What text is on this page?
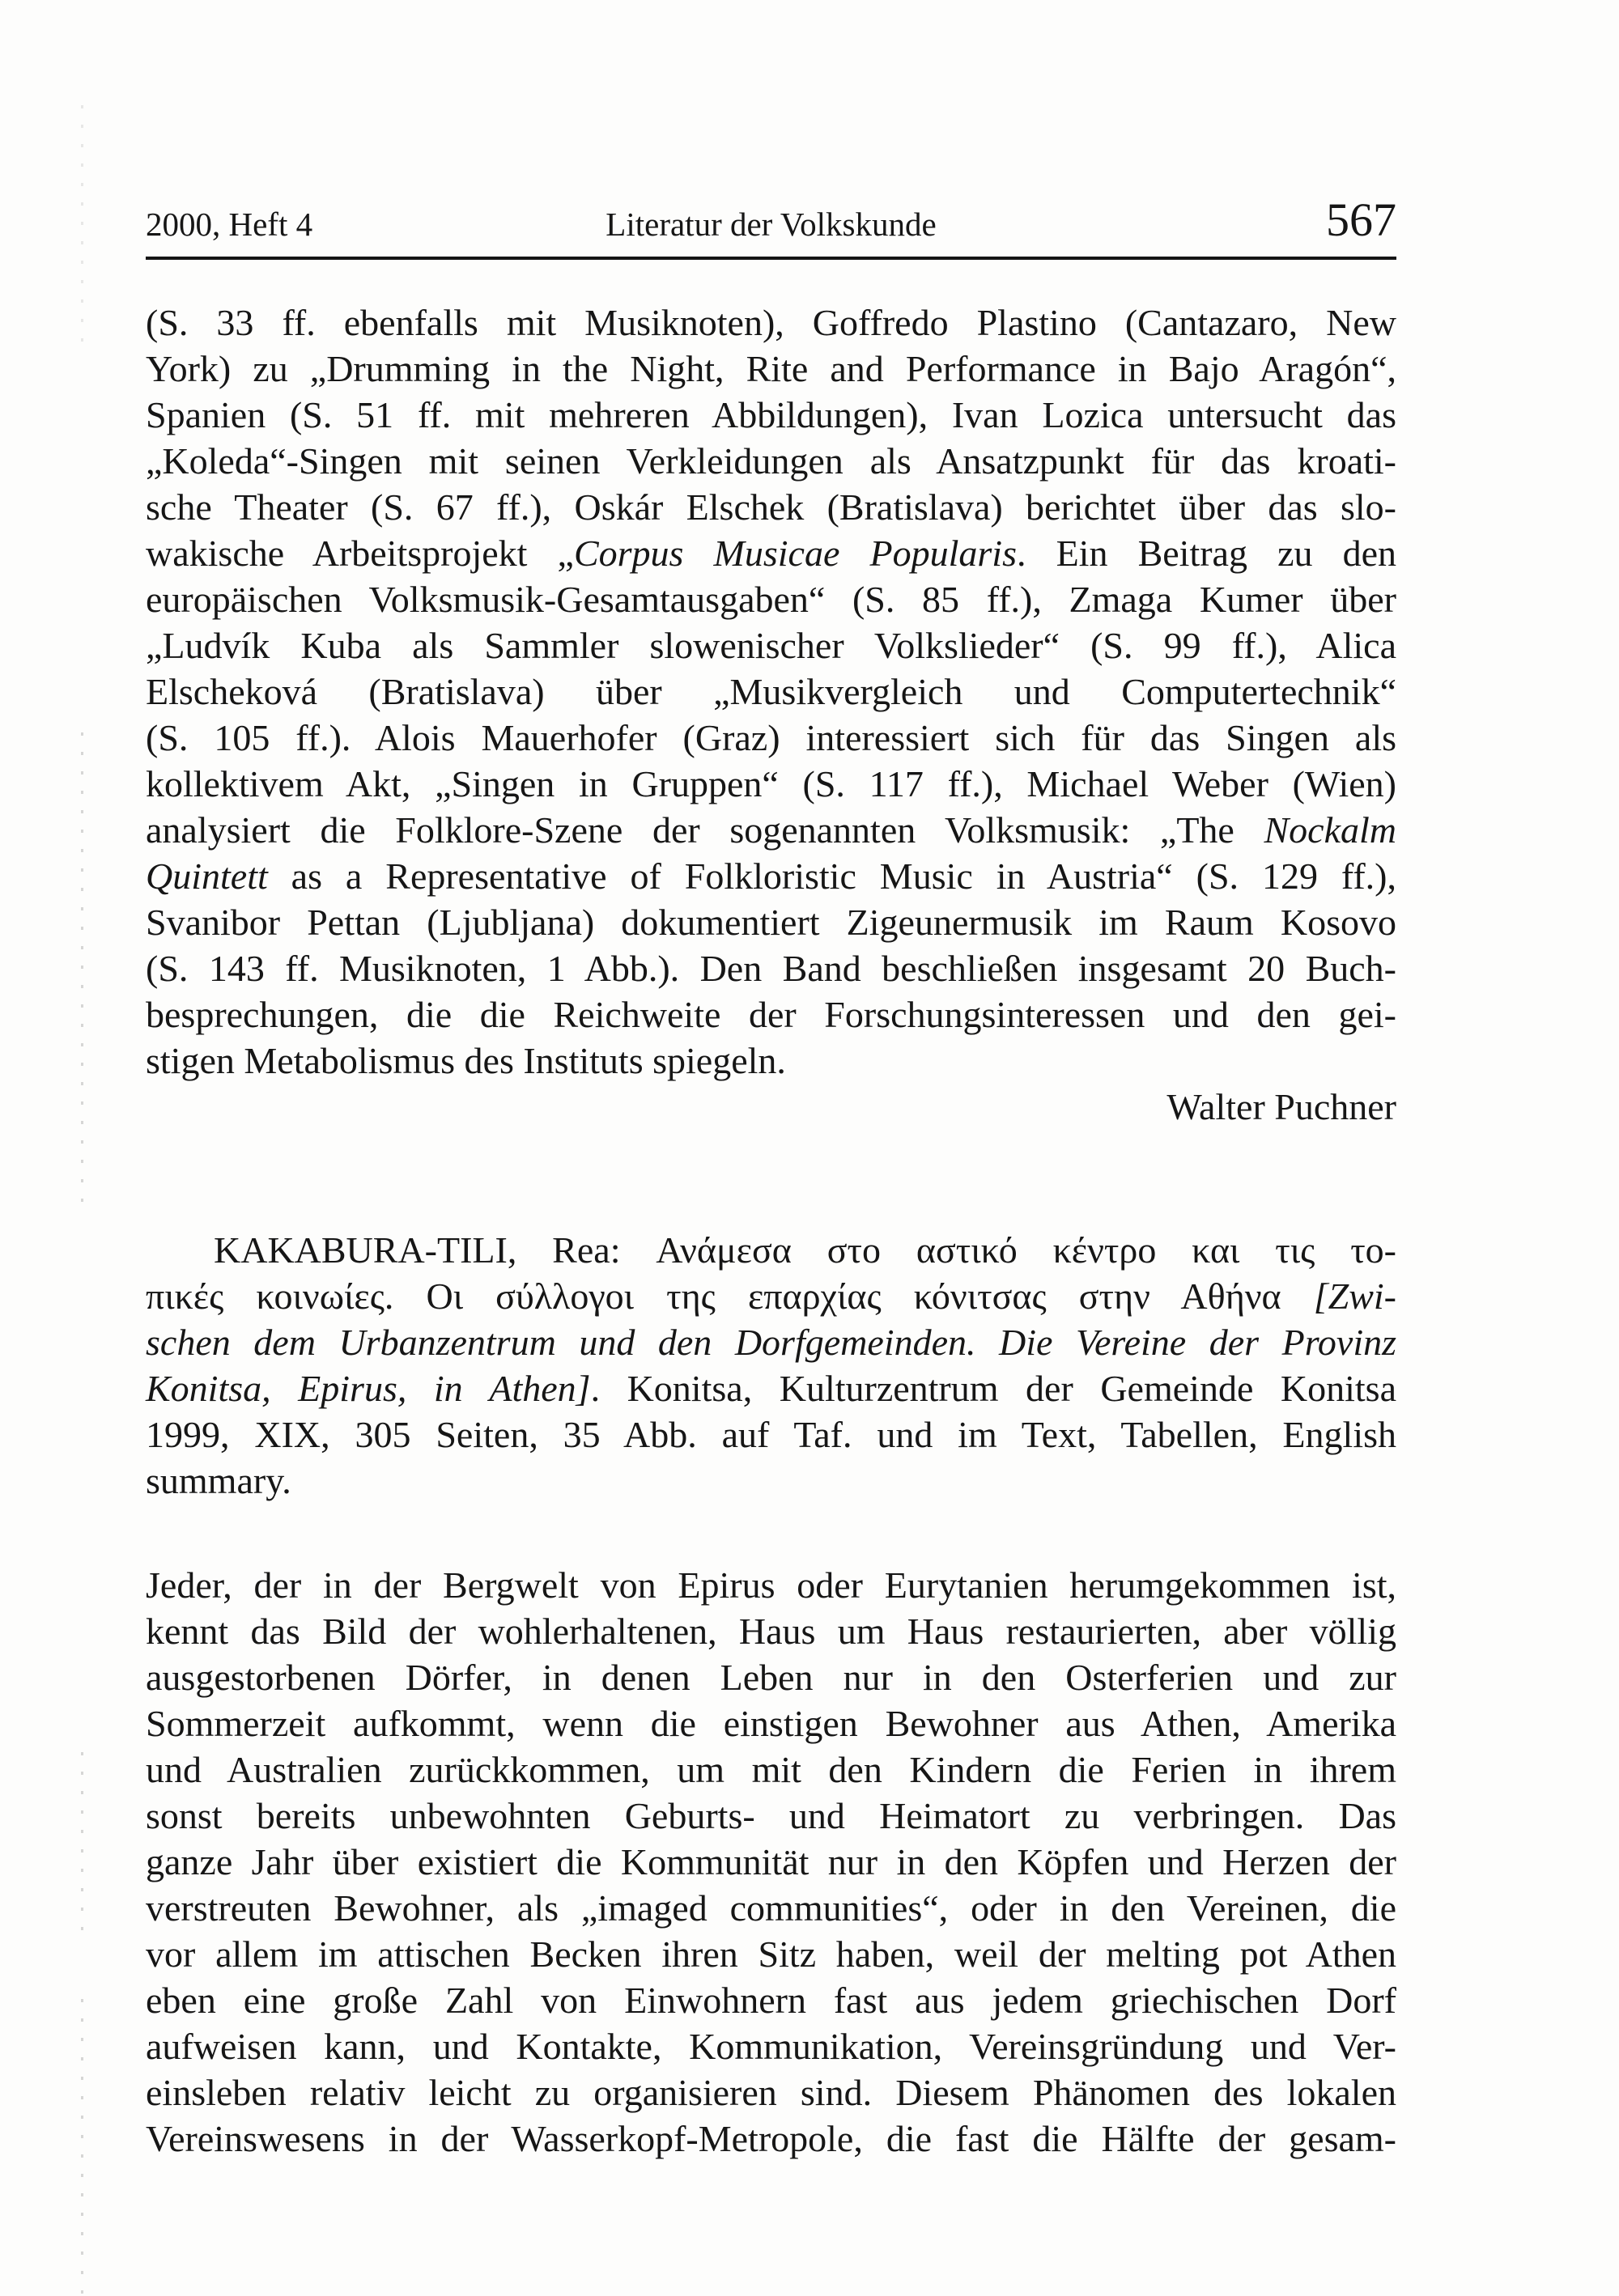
2000, Heft 4	Literatur der Volkskunde	567
(S. 33 ff. ebenfalls mit Musiknoten), Goffredo Plastino (Cantazaro, New
York) zu „Drumming in the Night, Rite and Performance in Bajo Aragón“,
Spanien (S. 51 ff. mit mehreren Abbildungen), Ivan Lozica untersucht das
„Koleda“-Singen mit seinen Verkleidungen als Ansatzpunkt für das kroati-
sche Theater (S. 67 ff.), Oskár Elschek (Bratislava) berichtet über das slo-
wakische Arbeitsprojekt „Corpus Musicae Popularis. Ein Beitrag zu den
europäischen Volksmusik-Gesamtausgaben“ (S. 85 ff.), Zmaga Kumer über
„Ludvík Kuba als Sammler slowenischer Volkslieder“ (S. 99 ff.), Alica
Elscheková (Bratislava) über „Musikvergleich und Computertechnik“
(S. 105 ff.). Alois Mauerhofer (Graz) interessiert sich für das Singen als
kollektivem Akt, „Singen in Gruppen“ (S. 117 ff.), Michael Weber (Wien)
analysiert die Folklore-Szene der sogenannten Volksmusik: „The Nockalm
Quintett as a Representative of Folkloristic Music in Austria“ (S. 129 ff.),
Svanibor Pettan (Ljubljana) dokumentiert Zigeunermusik im Raum Kosovo
(S. 143 ff. Musiknoten, 1 Abb.). Den Band beschließen insgesamt 20 Buch-
besprechungen, die die Reichweite der Forschungsinteressen und den gei-
stigen Metabolismus des Instituts spiegeln.
Walter Puchner
KAKABURA-TILI, Rea: Ανάμεσα στο αστικό κέντρο και τις το-
πικές κοινωίες. Οι σύλλογοι της επαρχίας κόνιτσας στην Αθήνα [Zwi-
schen dem Urbanzentrum und den Dorfgemeinden. Die Vereine der Provinz
Konitsa, Epirus, in Athen]. Konitsa, Kulturzentrum der Gemeinde Konitsa
1999, XIX, 305 Seiten, 35 Abb. auf Taf. und im Text, Tabellen, English
summary.
Jeder, der in der Bergwelt von Epirus oder Eurytanien herumgekommen ist,
kennt das Bild der wohlerhaltenen, Haus um Haus restaurierten, aber völlig
ausgestorbenen Dörfer, in denen Leben nur in den Osterferien und zur
Sommerzeit aufkommt, wenn die einstigen Bewohner aus Athen, Amerika
und Australien zurückkommen, um mit den Kindern die Ferien in ihrem
sonst bereits unbewohnten Geburts- und Heimatort zu verbringen. Das
ganze Jahr über existiert die Kommunität nur in den Köpfen und Herzen der
verstreuten Bewohner, als „imaged communities“, oder in den Vereinen, die
vor allem im attischen Becken ihren Sitz haben, weil der melting pot Athen
eben eine große Zahl von Einwohnern fast aus jedem griechischen Dorf
aufweisen kann, und Kontakte, Kommunikation, Vereinsgründung und Ver-
einsleben relativ leicht zu organisieren sind. Diesem Phänomen des lokalen
Vereinswesens in der Wasserkopf-Metropole, die fast die Hälfte der gesam-
